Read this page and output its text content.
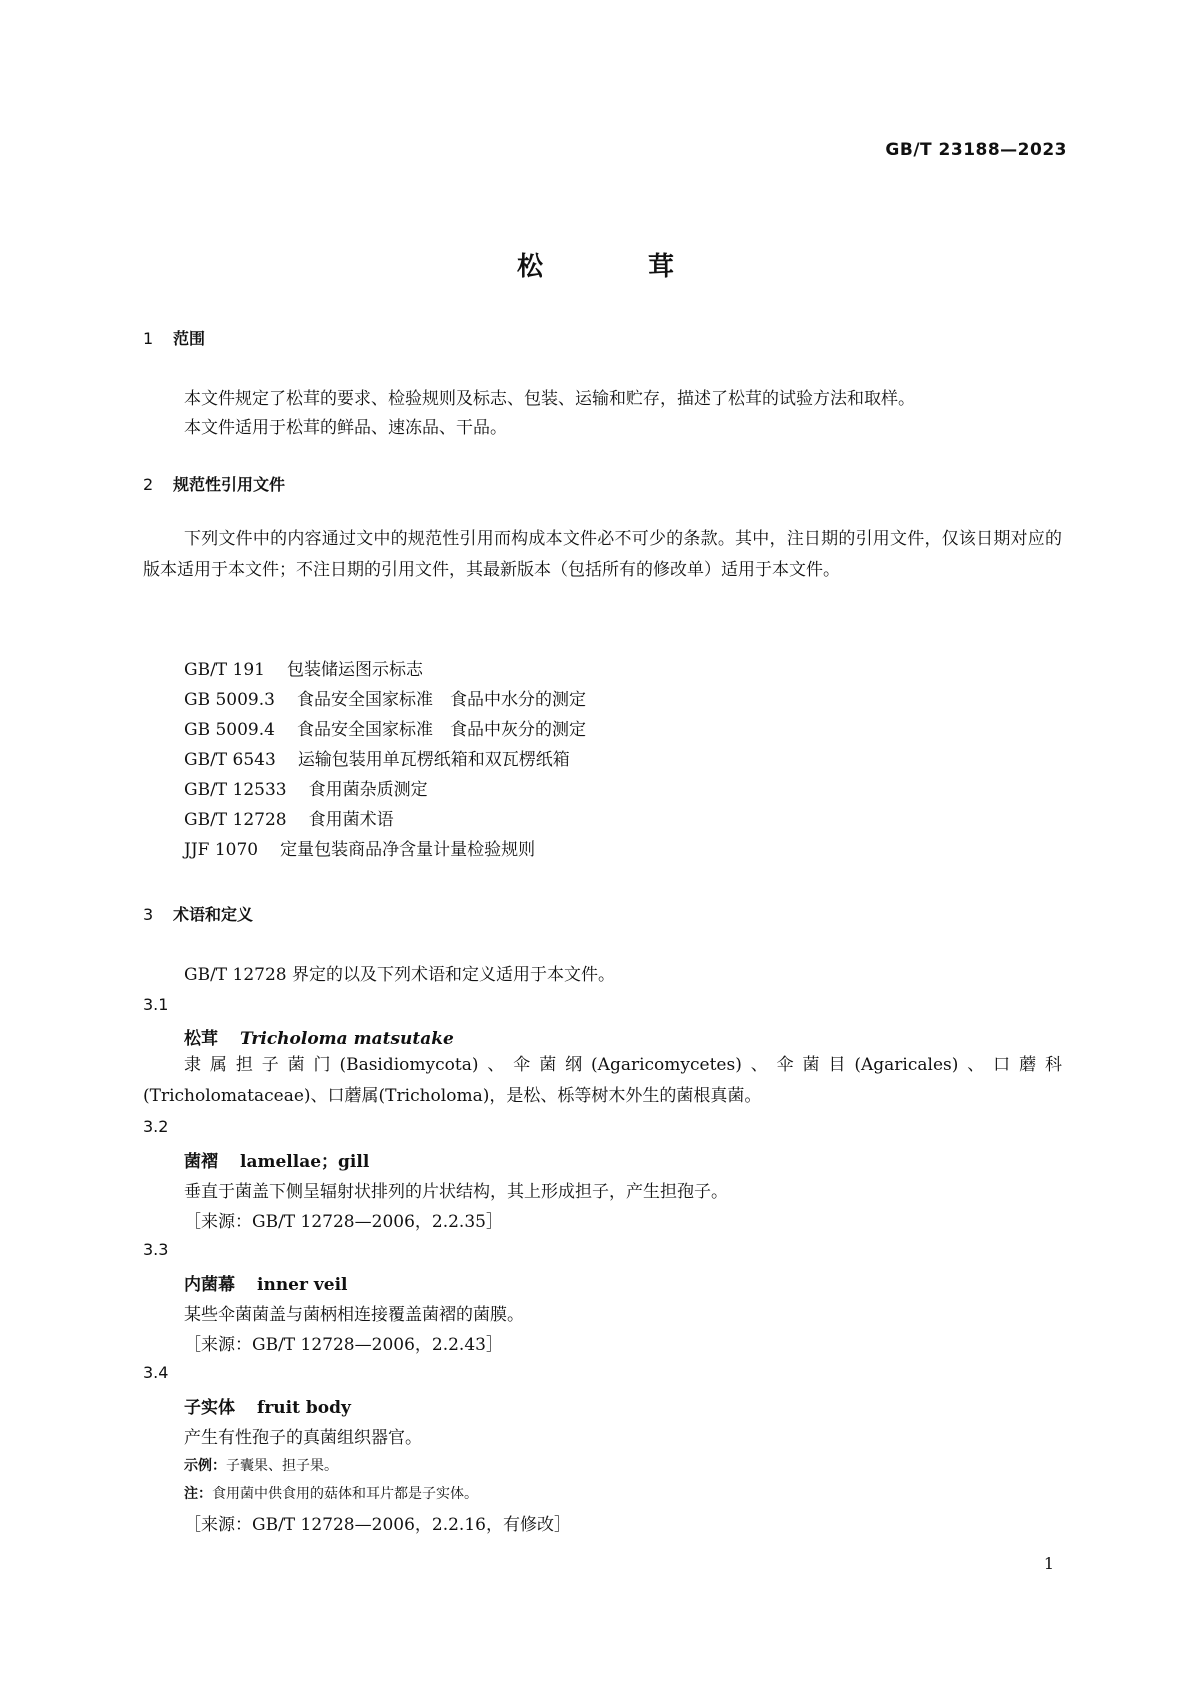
GB/T 23188—2023
松	茸
1 范围
本文件规定了松茸的要求、检验规则及标志、包装、运输和贮存，描述了松茸的试验方法和取样。
本文件适用于松茸的鲜品、速冻品、干品。
2 规范性引用文件
下列文件中的内容通过文中的规范性引用而构成本文件必不可少的条款。其中，注日期的引用文件，仅该日期对应的版本适用于本文件；不注日期的引用文件，其最新版本（包括所有的修改单）适用于本文件。
GB/T 191 包装储运图示标志
GB 5009.3 食品安全国家标准　食品中水分的测定
GB 5009.4 食品安全国家标准　食品中灰分的测定
GB/T 6543 运输包装用单瓦楞纸箱和双瓦楞纸箱
GB/T 12533 食用菌杂质测定
GB/T 12728 食用菌术语
JJF 1070 定量包装商品净含量计量检验规则
3 术语和定义
GB/T 12728 界定的以及下列术语和定义适用于本文件。
3.1
松茸 Tricholoma matsutake
隶属担子菌门(Basidiomycota)、伞菌纲(Agaricomycetes)、伞菌目(Agaricales)、口蘑科(Tricholomataceae)、口蘑属(Tricholoma)，是松、栎等树木外生的菌根真菌。
3.2
菌褶 lamellae；gill
垂直于菌盖下侧呈辐射状排列的片状结构，其上形成担子，产生担孢子。
［来源：GB/T 12728—2006，2.2.35］
3.3
内菌幕 inner veil
某些伞菌菌盖与菌柄相连接覆盖菌褶的菌膜。
［来源：GB/T 12728—2006，2.2.43］
3.4
子实体 fruit body
产生有性孢子的真菌组织器官。
示例：子囊果、担子果。
注：食用菌中供食用的菇体和耳片都是子实体。
［来源：GB/T 12728—2006，2.2.16，有修改］
1
